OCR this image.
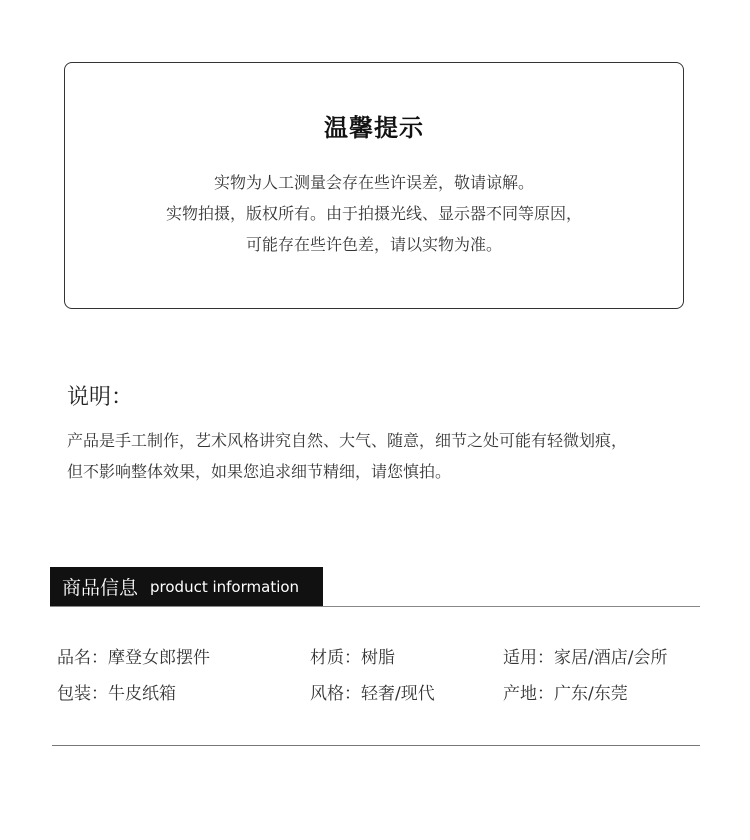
温馨提示
实物为人工测量会存在些许误差，敬请谅解。
实物拍摄，版权所有。由于拍摄光线、显示器不同等原因，
可能存在些许色差，请以实物为准。
说明：
产品是手工制作，艺术风格讲究自然、大气、随意，细节之处可能有轻微划痕，
但不影响整体效果，如果您追求细节精细，请您慎拍。
商品信息 product information
品名：摩登女郎摆件	材质：树脂	适用：家居/酒店/会所
包装：牛皮纸箱	风格：轻奢/现代	产地：广东/东莞
